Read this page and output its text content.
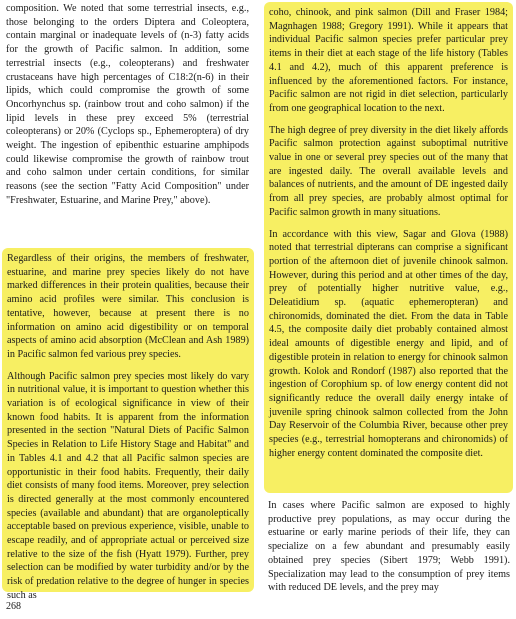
composition. We noted that some terrestrial insects, e.g., those belonging to the orders Diptera and Coleoptera, contain marginal or inadequate levels of (n-3) fatty acids for the growth of Pacific salmon. In addition, some terrestrial insects (e.g., coleopterans) and freshwater crustaceans have high percentages of C18:2(n-6) in their lipids, which could compromise the growth of some Oncorhynchus sp. (rainbow trout and coho salmon) if the lipid levels in these prey exceed 5% (terrestrial coleopterans) or 20% (Cyclops sp., Ephemeroptera) of dry weight. The ingestion of epibenthic estuarine amphipods could likewise compromise the growth of rainbow trout and coho salmon under certain conditions, for similar reasons (see the section "Fatty Acid Composition" under "Freshwater, Estuarine, and Marine Prey," above).

Regardless of their origins, the members of freshwater, estuarine, and marine prey species likely do not have marked differences in their protein qualities, because their amino acid profiles were similar. This conclusion is tentative, however, because at present there is no information on amino acid digestibility or on temporal aspects of amino acid absorption (McClean and Ash 1989) in Pacific salmon fed various prey species.

Although Pacific salmon prey species most likely do vary in nutritional value, it is important to question whether this variation is of ecological significance in view of their known food habits. It is apparent from the information presented in the section "Natural Diets of Pacific Salmon Species in Relation to Life History Stage and Habitat" and in Tables 4.1 and 4.2 that all Pacific salmon species are opportunistic in their food habits. Frequently, their daily diet consists of many food items. Moreover, prey selection is directed generally at the most commonly encountered species (available and abundant) that are organoleptically acceptable based on previous experience, visible, unable to escape readily, and of appropriate actual or perceived size relative to the size of the fish (Hyatt 1979). Further, prey selection can be modified by water turbidity and/or by the risk of predation relative to the degree of hunger in species such as

coho, chinook, and pink salmon (Dill and Fraser 1984; Magnhagen 1988; Gregory 1991). While it appears that individual Pacific salmon species prefer particular prey items in their diet at each stage of the life history (Tables 4.1 and 4.2), much of this apparent preference is influenced by the aforementioned factors. For instance, Pacific salmon are not rigid in diet selection, particularly from one geographical location to the next.

The high degree of prey diversity in the diet likely affords Pacific salmon protection against suboptimal nutritive value in one or several prey species out of the many that are ingested daily. The overall available levels and balances of nutrients, and the amount of DE ingested daily from all prey species, are probably almost optimal for Pacific salmon growth in many situations.

In accordance with this view, Sagar and Glova (1988) noted that terrestrial dipterans can comprise a significant portion of the afternoon diet of juvenile chinook salmon. However, during this period and at other times of the day, prey of potentially higher nutritive value, e.g., Deleatidium sp. (aquatic ephemeropteran) and chironomids, dominated the diet. From the data in Table 4.5, the composite daily diet probably contained almost ideal amounts of digestible energy and lipid, and of digestible protein in relation to energy for chinook salmon growth. Kolok and Rondorf (1987) also reported that the ingestion of Corophium sp. of low energy content did not significantly reduce the overall daily energy intake of juvenile spring chinook salmon collected from the John Day Reservoir of the Columbia River, because other prey species (e.g., terrestrial homopterans and chironomids) of higher energy content dominated the composite diet.

In cases where Pacific salmon are exposed to highly productive prey populations, as may occur during the estuarine or early marine periods of their life, they can specialize on a few abundant and presumably easily obtained prey species (Sibert 1979; Webb 1991). Specialization may lead to the consumption of prey items with reduced DE levels, and the prey may

268
